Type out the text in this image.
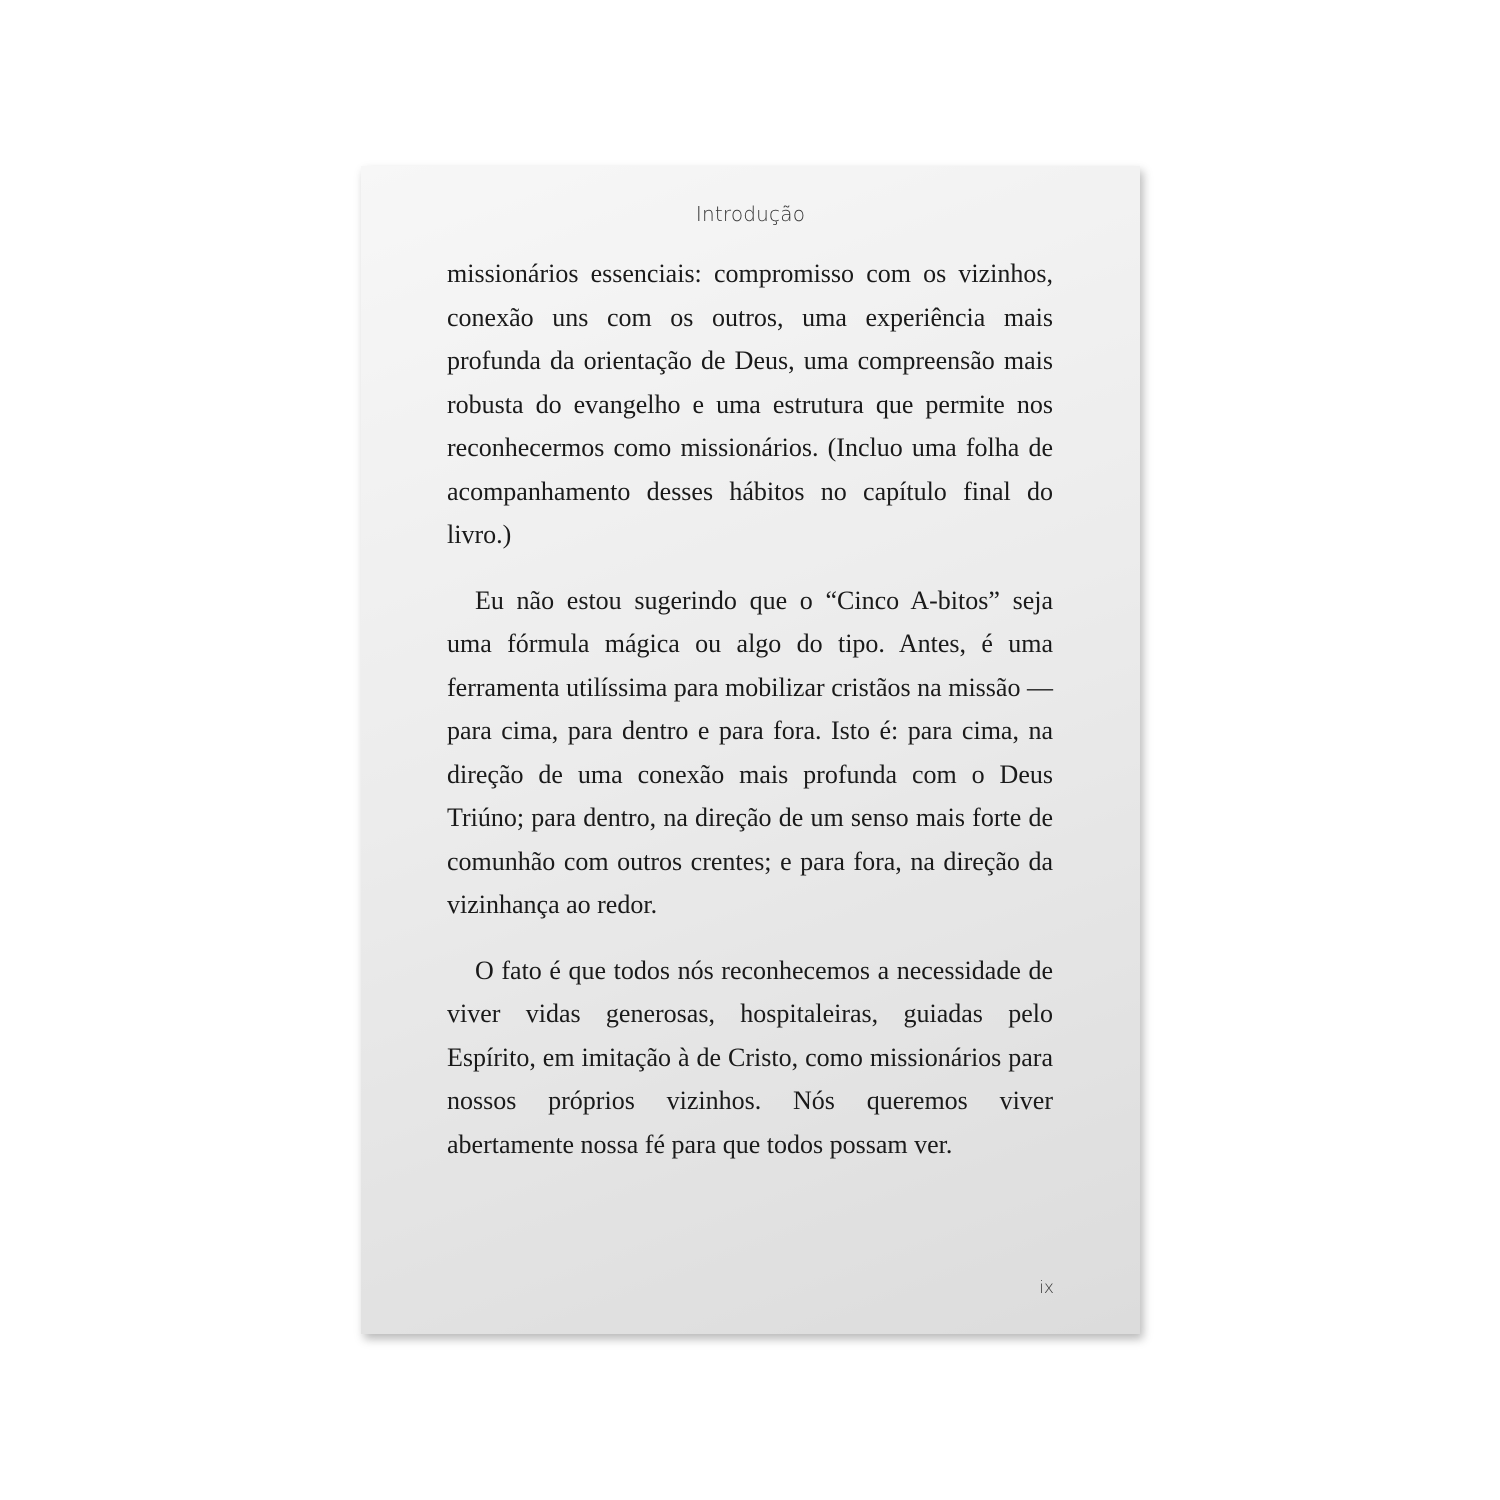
Introdução

missionários essenciais: compromisso com os vizinhos, conexão uns com os outros, uma experiência mais profunda da orientação de Deus, uma compreensão mais robusta do evangelho e uma estrutura que permite nos reconhecermos como missionários. (Incluo uma folha de acompanhamento desses hábitos no capítulo final do livro.)

Eu não estou sugerindo que o “Cinco A-bitos” seja uma fórmula mágica ou algo do tipo. Antes, é uma ferramenta utilíssima para mobilizar cristãos na missão — para cima, para dentro e para fora. Isto é: para cima, na direção de uma conexão mais profunda com o Deus Triúno; para dentro, na direção de um senso mais forte de comunhão com outros crentes; e para fora, na direção da vizinhança ao redor.

O fato é que todos nós reconhecemos a necessidade de viver vidas generosas, hospitaleiras, guiadas pelo Espírito, em imitação à de Cristo, como missionários para nossos próprios vizinhos. Nós queremos viver abertamente nossa fé para que todos possam ver.

ix
